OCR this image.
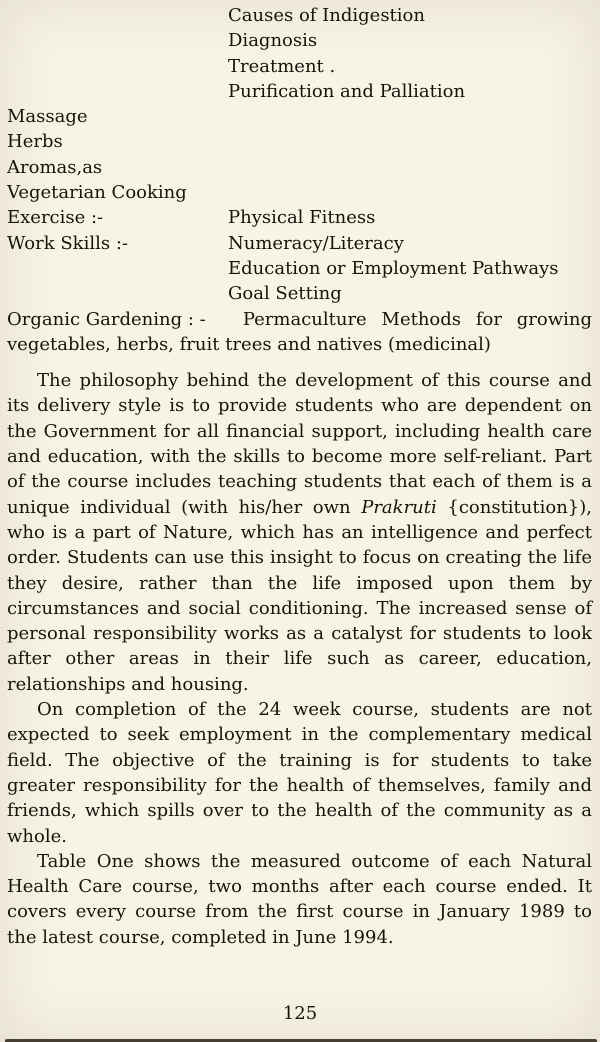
Causes of Indigestion
Diagnosis
Treatment .
Purification and Palliation
Massage
Herbs
Aromas,as
Vegetarian Cooking
Exercise :-	Physical Fitness
Work Skills :-	Numeracy/Literacy
Education or Employment Pathways
Goal Setting

Organic Gardening : - Permaculture Methods for growing vegetables, herbs, fruit trees and natives (medicinal)

The philosophy behind the development of this course and its delivery style is to provide students who are dependent on the Government for all financial support, including health care and education, with the skills to become more self-reliant. Part of the course includes teaching students that each of them is a unique individual (with his/her own Prakruti {constitution}), who is a part of Nature, which has an intelligence and perfect order. Students can use this insight to focus on creating the life they desire, rather than the life imposed upon them by circumstances and social conditioning. The increased sense of personal responsibility works as a catalyst for students to look after other areas in their life such as career, education, relationships and housing.

On completion of the 24 week course, students are not expected to seek employment in the complementary medical field. The objective of the training is for students to take greater responsibility for the health of themselves, family and friends, which spills over to the health of the community as a whole.

Table One shows the measured outcome of each Natural Health Care course, two months after each course ended. It covers every course from the first course in January 1989 to the latest course, completed in June 1994.

125
